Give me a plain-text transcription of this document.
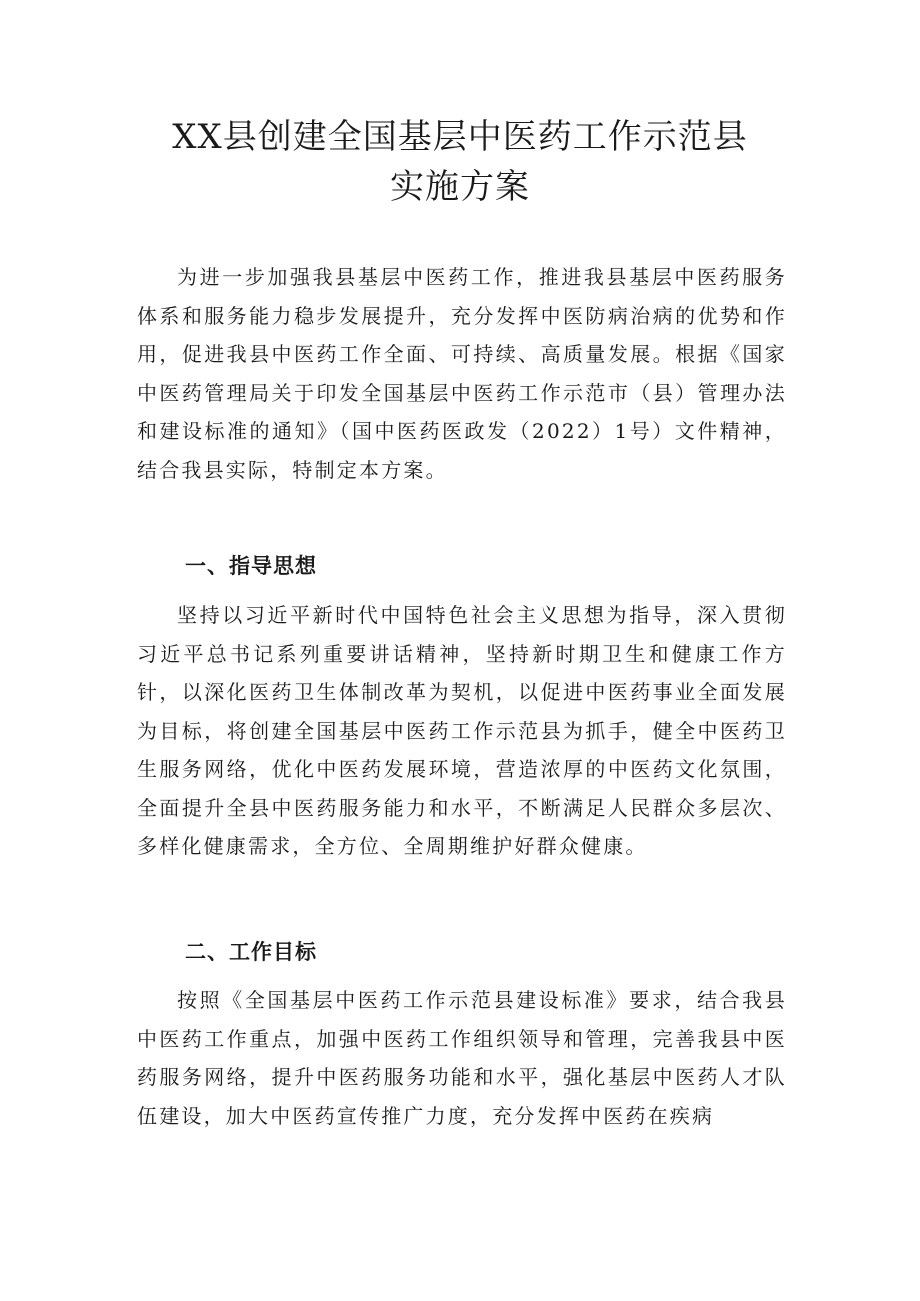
XX县创建全国基层中医药工作示范县
实施方案
为进一步加强我县基层中医药工作，推进我县基层中医药服务体系和服务能力稳步发展提升，充分发挥中医防病治病的优势和作用，促进我县中医药工作全面、可持续、高质量发展。根据《国家中医药管理局关于印发全国基层中医药工作示范市（县）管理办法和建设标准的通知》（国中医药医政发（2022）1号）文件精神，结合我县实际，特制定本方案。
一、指导思想
坚持以习近平新时代中国特色社会主义思想为指导，深入贯彻习近平总书记系列重要讲话精神，坚持新时期卫生和健康工作方针，以深化医药卫生体制改革为契机，以促进中医药事业全面发展为目标，将创建全国基层中医药工作示范县为抓手，健全中医药卫生服务网络，优化中医药发展环境，营造浓厚的中医药文化氛围，全面提升全县中医药服务能力和水平，不断满足人民群众多层次、多样化健康需求，全方位、全周期维护好群众健康。
二、工作目标
按照《全国基层中医药工作示范县建设标准》要求，结合我县中医药工作重点，加强中医药工作组织领导和管理，完善我县中医药服务网络，提升中医药服务功能和水平，强化基层中医药人才队伍建设，加大中医药宣传推广力度，充分发挥中医药在疾病
